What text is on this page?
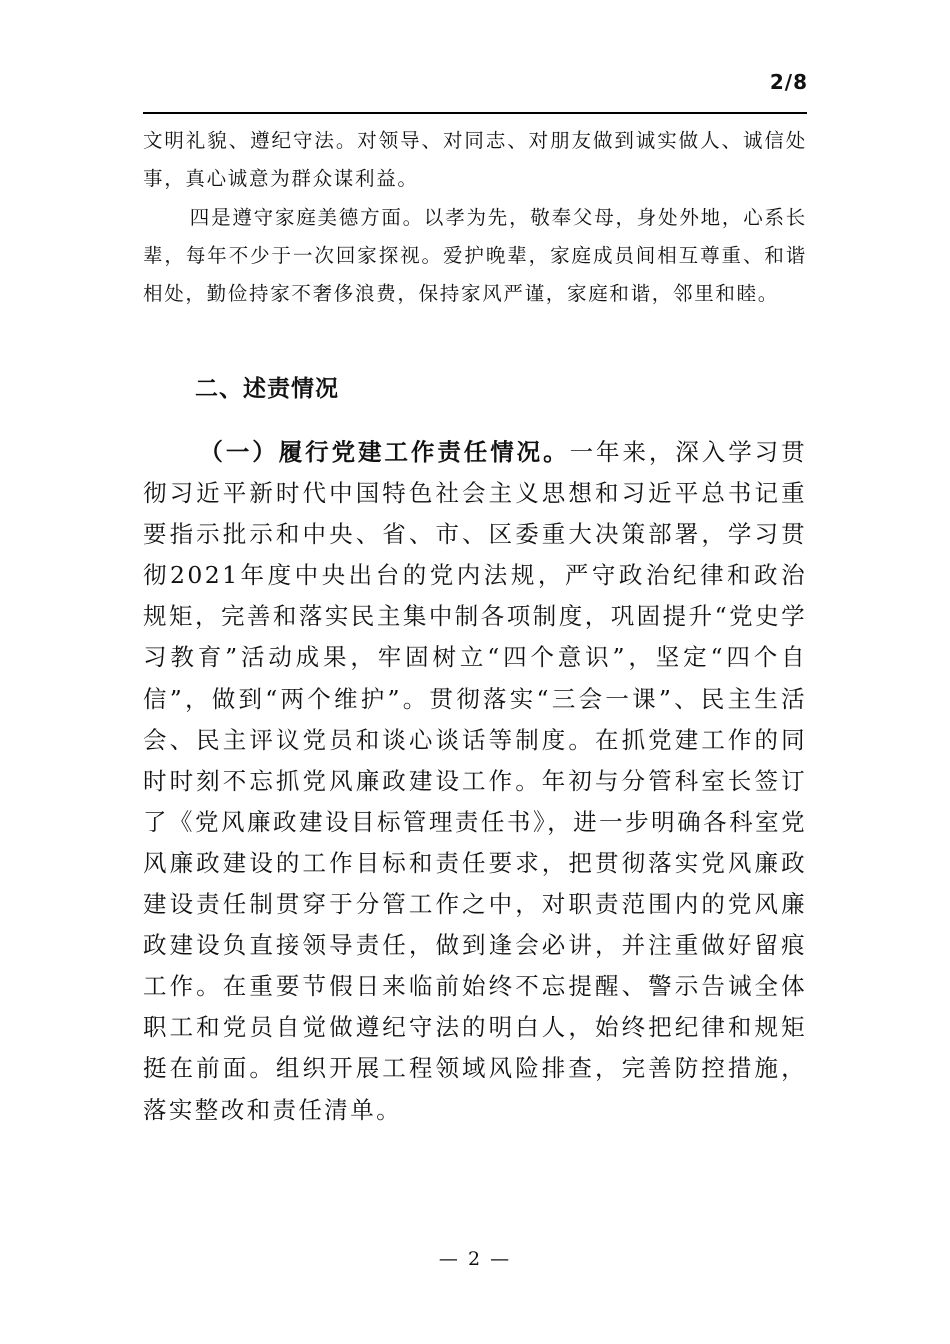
2/8

文明礼貌、遵纪守法。对领导、对同志、对朋友做到诚实做人、诚信处事，真心诚意为群众谋利益。

四是遵守家庭美德方面。以孝为先，敬奉父母，身处外地，心系长辈，每年不少于一次回家探视。爱护晚辈，家庭成员间相互尊重、和谐相处，勤俭持家不奢侈浪费，保持家风严谨，家庭和谐，邻里和睦。

二、述责情况

（一）履行党建工作责任情况。一年来，深入学习贯彻习近平新时代中国特色社会主义思想和习近平总书记重要指示批示和中央、省、市、区委重大决策部署，学习贯彻2021年度中央出台的党内法规，严守政治纪律和政治规矩，完善和落实民主集中制各项制度，巩固提升“党史学习教育”活动成果，牢固树立“四个意识”，坚定“四个自信”，做到“两个维护”。贯彻落实“三会一课”、民主生活会、民主评议党员和谈心谈话等制度。在抓党建工作的同时时刻不忘抓党风廉政建设工作。年初与分管科室长签订了《党风廉政建设目标管理责任书》，进一步明确各科室党风廉政建设的工作目标和责任要求，把贯彻落实党风廉政建设责任制贯穿于分管工作之中，对职责范围内的党风廉政建设负直接领导责任，做到逢会必讲，并注重做好留痕工作。在重要节假日来临前始终不忘提醒、警示告诫全体职工和党员自觉做遵纪守法的明白人，始终把纪律和规矩挺在前面。组织开展工程领域风险排查，完善防控措施，落实整改和责任清单。

— 2 —
